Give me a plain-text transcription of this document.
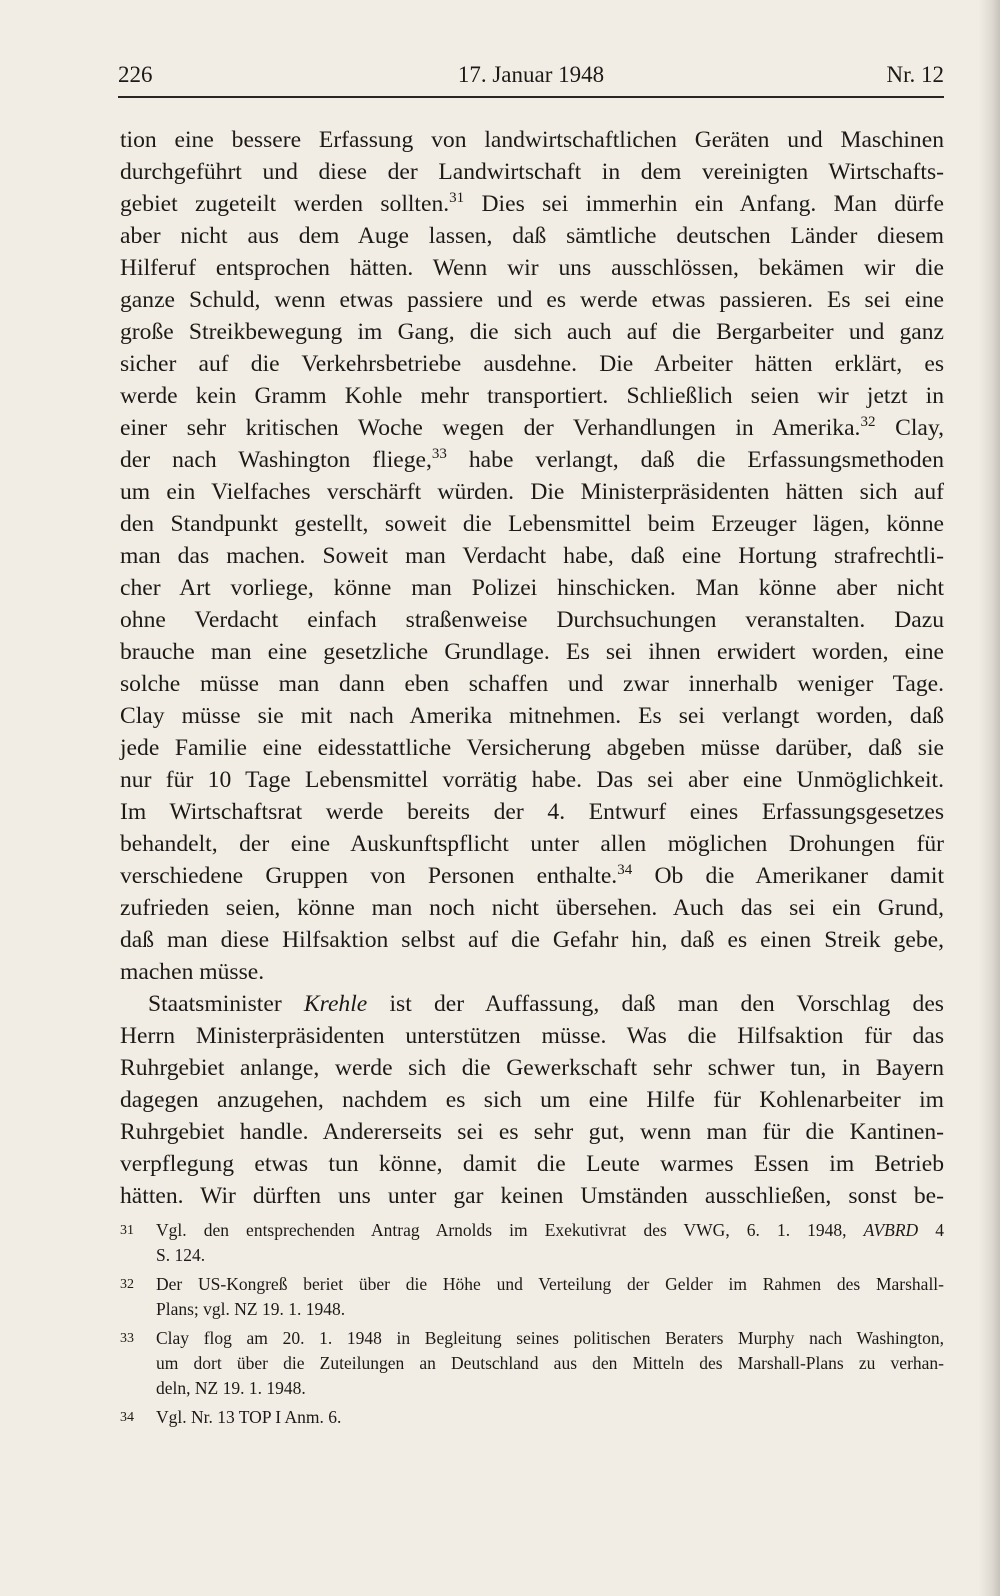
226	17. Januar 1948	Nr. 12
tion eine bessere Erfassung von landwirtschaftlichen Geräten und Maschinen
durchgeführt und diese der Landwirtschaft in dem vereinigten Wirtschafts-
gebiet zugeteilt werden sollten.$^{31}$ Dies sei immerhin ein Anfang. Man dürfe
aber nicht aus dem Auge lassen, daß sämtliche deutschen Länder diesem
Hilferuf entsprochen hätten. Wenn wir uns ausschlössen, bekämen wir die
ganze Schuld, wenn etwas passiere und es werde etwas passieren. Es sei eine
große Streikbewegung im Gang, die sich auch auf die Bergarbeiter und ganz
sicher auf die Verkehrsbetriebe ausdehne. Die Arbeiter hätten erklärt, es
werde kein Gramm Kohle mehr transportiert. Schließlich seien wir jetzt in
einer sehr kritischen Woche wegen der Verhandlungen in Amerika.$^{32}$ Clay,
der nach Washington fliege,$^{33}$ habe verlangt, daß die Erfassungsmethoden
um ein Vielfaches verschärft würden. Die Ministerpräsidenten hätten sich auf
den Standpunkt gestellt, soweit die Lebensmittel beim Erzeuger lägen, könne
man das machen. Soweit man Verdacht habe, daß eine Hortung strafrechtli-
cher Art vorliege, könne man Polizei hinschicken. Man könne aber nicht
ohne Verdacht einfach straßenweise Durchsuchungen veranstalten. Dazu
brauche man eine gesetzliche Grundlage. Es sei ihnen erwidert worden, eine
solche müsse man dann eben schaffen und zwar innerhalb weniger Tage.
Clay müsse sie mit nach Amerika mitnehmen. Es sei verlangt worden, daß
jede Familie eine eidesstattliche Versicherung abgeben müsse darüber, daß sie
nur für 10 Tage Lebensmittel vorrätig habe. Das sei aber eine Unmöglichkeit.
Im Wirtschaftsrat werde bereits der 4. Entwurf eines Erfassungsgesetzes
behandelt, der eine Auskunftspflicht unter allen möglichen Drohungen für
verschiedene Gruppen von Personen enthalte.$^{34}$ Ob die Amerikaner damit
zufrieden seien, könne man noch nicht übersehen. Auch das sei ein Grund,
daß man diese Hilfsaktion selbst auf die Gefahr hin, daß es einen Streik gebe,
machen müsse.
Staatsminister Krehle ist der Auffassung, daß man den Vorschlag des
Herrn Ministerpräsidenten unterstützen müsse. Was die Hilfsaktion für das
Ruhrgebiet anlange, werde sich die Gewerkschaft sehr schwer tun, in Bayern
dagegen anzugehen, nachdem es sich um eine Hilfe für Kohlenarbeiter im
Ruhrgebiet handle. Andererseits sei es sehr gut, wenn man für die Kantinen-
verpflegung etwas tun könne, damit die Leute warmes Essen im Betrieb
hätten. Wir dürften uns unter gar keinen Umständen ausschließen, sonst be-
31 Vgl. den entsprechenden Antrag Arnolds im Exekutivrat des VWG, 6. 1. 1948, AVBRD 4
S. 124.
32 Der US-Kongreß beriet über die Höhe und Verteilung der Gelder im Rahmen des Marshall-
Plans; vgl. NZ 19. 1. 1948.
33 Clay flog am 20. 1. 1948 in Begleitung seines politischen Beraters Murphy nach Washington,
um dort über die Zuteilungen an Deutschland aus den Mitteln des Marshall-Plans zu verhan-
deln, NZ 19. 1. 1948.
34 Vgl. Nr. 13 TOP I Anm. 6.
